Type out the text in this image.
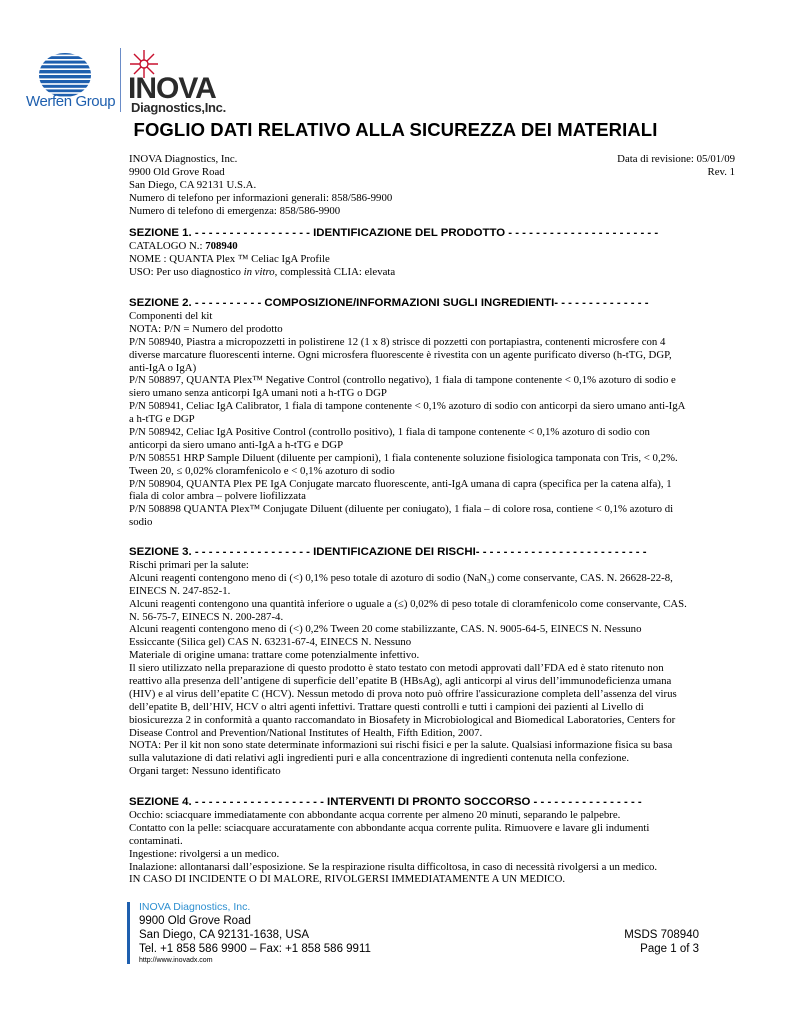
Werfen Group INOVA
Diagnostics,Inc.
FOGLIO DATI RELATIVO ALLA SICUREZZA DEI MATERIALI
INOVA Diagnostics, Inc.	Data di revisione: 05/01/09
9900 Old Grove Road	Rev. 1
San Diego, CA 92131 U.S.A.
Numero di telefono per informazioni generali: 858/586-9900
Numero di telefono di emergenza: 858/586-9900
SEZIONE 1. - - - - - - - - - - - - - - - - - IDENTIFICAZIONE DEL PRODOTTO - - - - - - - - - - - - - - - - - - - - - -
CATALOGO N.: 708940
NOME : QUANTA Plex ™ Celiac IgA Profile
USO: Per uso diagnostico in vitro, complessità CLIA: elevata
SEZIONE 2. - - - - - - - - - - COMPOSIZIONE/INFORMAZIONI SUGLI INGREDIENTI- - - - - - - - - - - - - -
Componenti del kit
NOTA: P/N = Numero del prodotto
P/N 508940, Piastra a micropozzetti in polistirene 12 (1 x 8) strisce di pozzetti con portapiastra, contenenti microsfere con 4
diverse marcature fluorescenti interne. Ogni microsfera fluorescente è rivestita con un agente purificato diverso (h-tTG, DGP,
anti-IgA o IgA)
P/N 508897, QUANTA Plex™ Negative Control (controllo negativo), 1 fiala di tampone contenente < 0,1% azoturo di sodio e
siero umano senza anticorpi IgA umani noti a h-tTG o DGP
P/N 508941, Celiac IgA Calibrator, 1 fiala di tampone contenente < 0,1% azoturo di sodio con anticorpi da siero umano anti-IgA
a h-tTG e DGP
P/N 508942, Celiac IgA Positive Control (controllo positivo), 1 fiala di tampone contenente < 0,1% azoturo di sodio con
anticorpi da siero umano anti-IgA a h-tTG e DGP
P/N 508551 HRP Sample Diluent (diluente per campioni), 1 fiala contenente soluzione fisiologica tamponata con Tris, < 0,2%.
Tween 20, ≤ 0,02% cloramfenicolo e < 0,1% azoturo di sodio
P/N 508904, QUANTA Plex PE IgA Conjugate marcato fluorescente, anti-IgA umana di capra (specifica per la catena alfa), 1
fiala di color ambra – polvere liofilizzata
P/N 508898 QUANTA Plex™ Conjugate Diluent (diluente per coniugato), 1 fiala – di colore rosa, contiene < 0,1% azoturo di
sodio
SEZIONE 3. - - - - - - - - - - - - - - - - - IDENTIFICAZIONE DEI RISCHI- - - - - - - - - - - - - - - - - - - - - - - - -
Rischi primari per la salute:
Alcuni reagenti contengono meno di (<) 0,1% peso totale di azoturo di sodio (NaN₃) come conservante, CAS. N. 26628-22-8,
EINECS N. 247-852-1.
Alcuni reagenti contengono una quantità inferiore o uguale a (≤) 0,02% di peso totale di cloramfenicolo come conservante, CAS.
N. 56-75-7, EINECS N. 200-287-4.
Alcuni reagenti contengono meno di (<) 0,2% Tween 20 come stabilizzante, CAS. N. 9005-64-5, EINECS N. Nessuno
Essiccante (Silica gel) CAS N. 63231-67-4, EINECS N. Nessuno
Materiale di origine umana: trattare come potenzialmente infettivo.
Il siero utilizzato nella preparazione di questo prodotto è stato testato con metodi approvati dall’FDA ed è stato ritenuto non
reattivo alla presenza dell’antigene di superficie dell’epatite B (HBsAg), agli anticorpi al virus dell’immunodeficienza umana
(HIV) e al virus dell’epatite C (HCV). Nessun metodo di prova noto può offrire l'assicurazione completa dell’assenza del virus
dell’epatite B, dell’HIV, HCV o altri agenti infettivi. Trattare questi controlli e tutti i campioni dei pazienti al Livello di
biosicurezza 2 in conformità a quanto raccomandato in Biosafety in Microbiological and Biomedical Laboratories, Centers for
Disease Control and Prevention/National Institutes of Health, Fifth Edition, 2007.
NOTA: Per il kit non sono state determinate informazioni sui rischi fisici e per la salute. Qualsiasi informazione fisica su basa
sulla valutazione di dati relativi agli ingredienti puri e alla concentrazione di ingredienti contenuta nella confezione.
Organi target: Nessuno identificato
SEZIONE 4. - - - - - - - - - - - - - - - - - - - INTERVENTI DI PRONTO SOCCORSO - - - - - - - - - - - - - - - -
Occhio: sciacquare immediatamente con abbondante acqua corrente per almeno 20 minuti, separando le palpebre.
Contatto con la pelle: sciacquare accuratamente con abbondante acqua corrente pulita. Rimuovere e lavare gli indumenti
contaminati.
Ingestione: rivolgersi a un medico.
Inalazione: allontanarsi dall’esposizione. Se la respirazione risulta difficoltosa, in caso di necessità rivolgersi a un medico.
IN CASO DI INCIDENTE O DI MALORE, RIVOLGERSI IMMEDIATAMENTE A UN MEDICO.
INOVA Diagnostics, Inc.
9900 Old Grove Road
San Diego, CA 92131-1638, USA	MSDS 708940
Tel. +1 858 586 9900 – Fax: +1 858 586 9911	Page 1 of 3
http://www.inovadx.com
